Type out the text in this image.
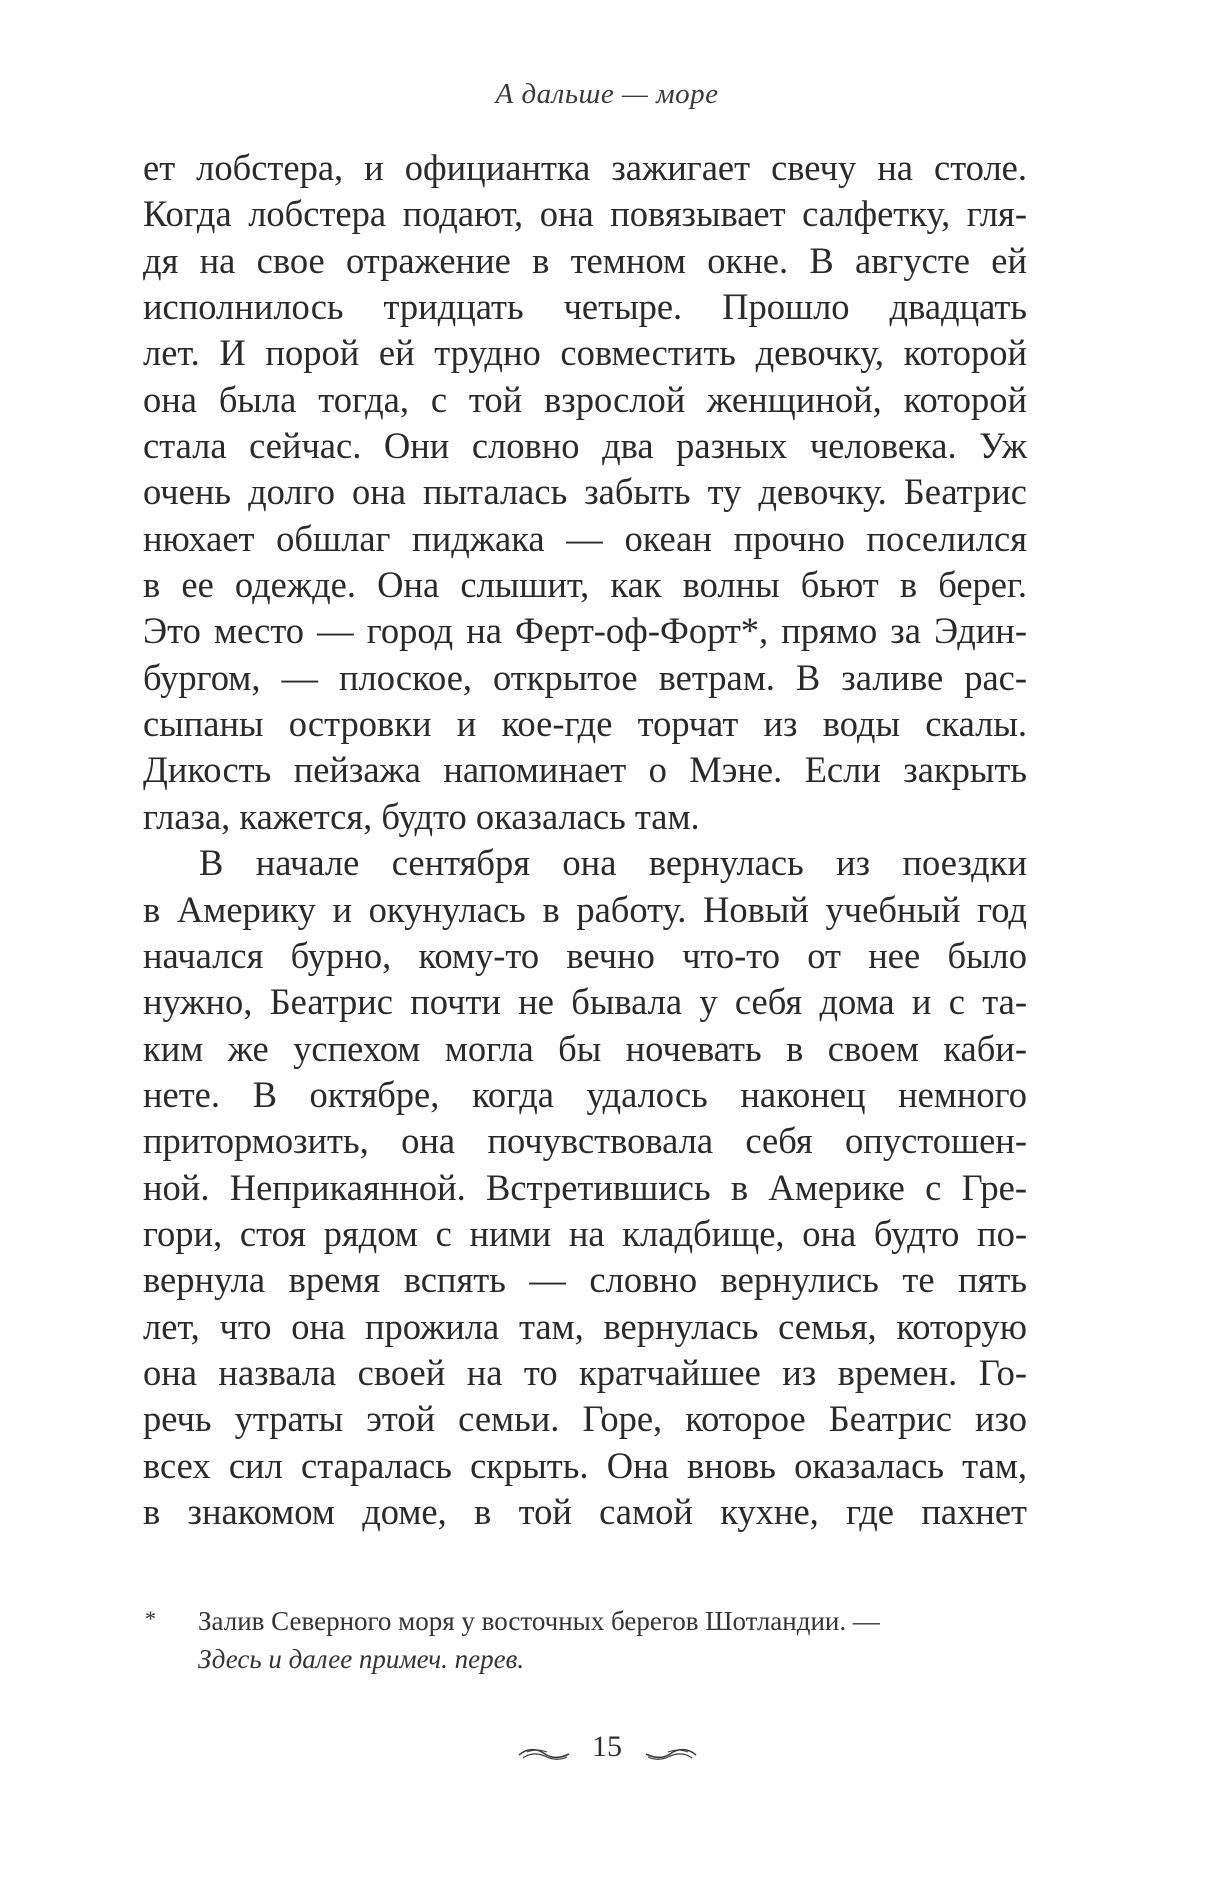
А дальше — море
ет лобстера, и официантка зажигает свечу на столе.
Когда лобстера подают, она повязывает салфетку, гля-
дя на свое отражение в темном окне. В августе ей
исполнилось тридцать четыре. Прошло двадцать
лет. И порой ей трудно совместить девочку, которой
она была тогда, с той взрослой женщиной, которой
стала сейчас. Они словно два разных человека. Уж
очень долго она пыталась забыть ту девочку. Беатрис
нюхает обшлаг пиджака — океан прочно поселился
в ее одежде. Она слышит, как волны бьют в берег.
Это место — город на Ферт-оф-Форт*, прямо за Эдин-
бургом, — плоское, открытое ветрам. В заливе рас-
сыпаны островки и кое-где торчат из воды скалы.
Дикость пейзажа напоминает о Мэне. Если закрыть
глаза, кажется, будто оказалась там.
В начале сентября она вернулась из поездки
в Америку и окунулась в работу. Новый учебный год
начался бурно, кому-то вечно что-то от нее было
нужно, Беатрис почти не бывала у себя дома и с та-
ким же успехом могла бы ночевать в своем каби-
нете. В октябре, когда удалось наконец немного
притормозить, она почувствовала себя опустошен-
ной. Неприкаянной. Встретившись в Америке с Гре-
гори, стоя рядом с ними на кладбище, она будто по-
вернула время вспять — словно вернулись те пять
лет, что она прожила там, вернулась семья, которую
она назвала своей на то кратчайшее из времен. Го-
речь утраты этой семьи. Горе, которое Беатрис изо
всех сил старалась скрыть. Она вновь оказалась там,
в знакомом доме, в той самой кухне, где пахнет
* Залив Северного моря у восточных берегов Шотландии. —
Здесь и далее примеч. перев.
15
